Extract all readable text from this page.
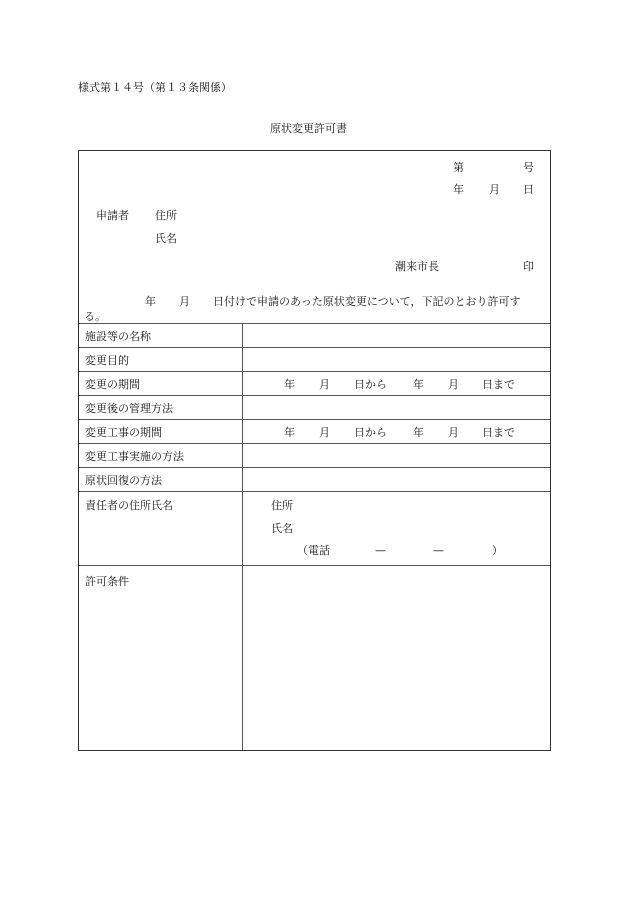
様式第１４号（第１３条関係）
原状変更許可書
第	号
年 月 日
申請者 住所
氏名
潮来市長	印
年 月 日付けで申請のあった原状変更について，下記のとおり許可す
る。
施設等の名称
変更目的
変更の期間	年 月 日から 年 月 日まで
変更後の管理方法
変更工事の期間	年 月 日から 年 月 日まで
変更工事実施の方法
原状回復の方法
責任者の住所氏名	住所
氏名
（電話	—	—	）
許可条件
